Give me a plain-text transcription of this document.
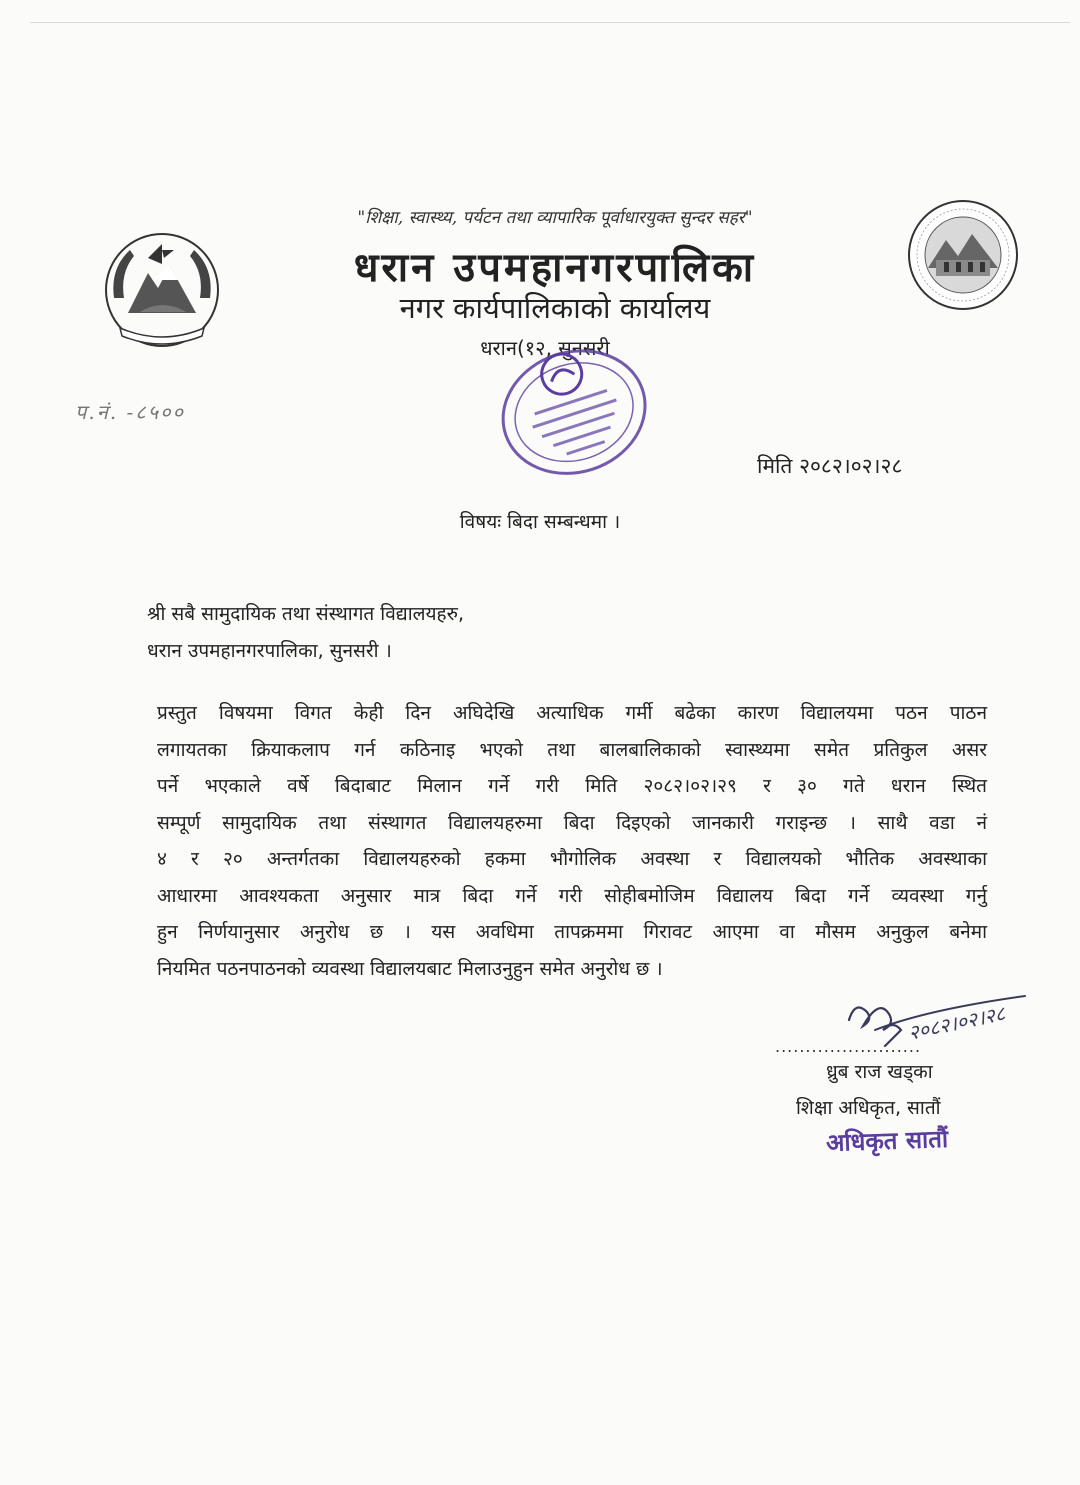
"शिक्षा, स्वास्थ्य, पर्यटन तथा व्यापारिक पूर्वाधारयुक्त सुन्दर सहर"
धरान उपमहानगरपालिका
नगर कार्यपालिकाको कार्यालय
धरान(१२, सुनसरी
प.नं. -८५००
मिति २०८२।०२।२८
विषयः बिदा सम्बन्धमा ।
श्री सबै सामुदायिक तथा संस्थागत विद्यालयहरु,
धरान उपमहानगरपालिका, सुनसरी ।
प्रस्तुत विषयमा विगत केही दिन अघिदेखि अत्याधिक गर्मी बढेका कारण विद्यालयमा पठन पाठन
लगायतका क्रियाकलाप गर्न कठिनाइ भएको तथा बालबालिकाको स्वास्थ्यमा समेत प्रतिकुल असर
पर्ने भएकाले वर्षे बिदाबाट मिलान गर्ने गरी मिति २०८२।०२।२९ र ३० गते धरान स्थित
सम्पूर्ण सामुदायिक तथा संस्थागत विद्यालयहरुमा बिदा दिइएको जानकारी गराइन्छ । साथै वडा नं
४ र २० अन्तर्गतका विद्यालयहरुको हकमा भौगोलिक अवस्था र विद्यालयको भौतिक अवस्थाका
आधारमा आवश्यकता अनुसार मात्र बिदा गर्ने गरी सोहीबमोजिम विद्यालय बिदा गर्ने व्यवस्था गर्नु
हुन निर्णयानुसार अनुरोध छ । यस अवधिमा तापक्रममा गिरावट आएमा वा मौसम अनुकुल बनेमा
नियमित पठनपाठनको व्यवस्था विद्यालयबाट मिलाउनुहुन समेत अनुरोध छ ।
........................
२०८२।०२।२८
ध्रुब राज खड्का
शिक्षा अधिकृत, सातौं
अधिकृत सातौं
